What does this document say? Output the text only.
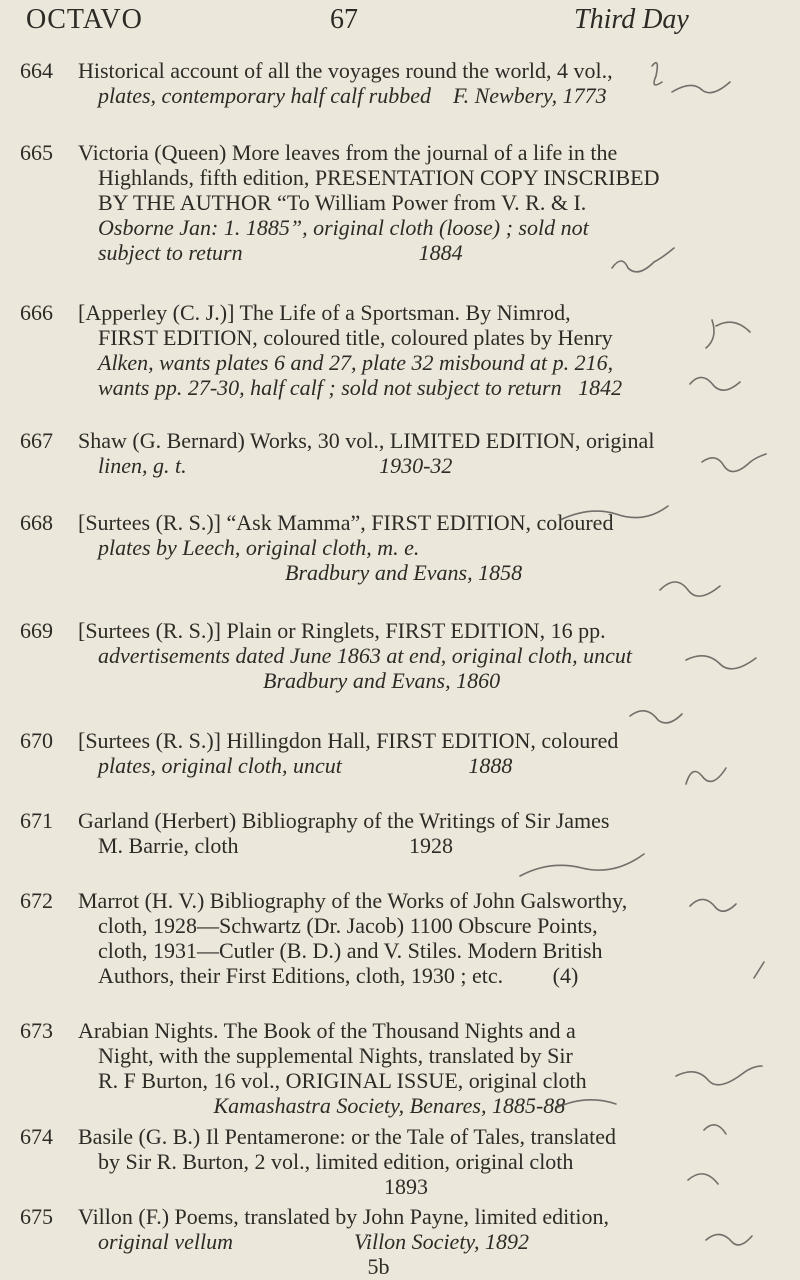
OCTAVO	67	Third Day
664 Historical account of all the voyages round the world, 4 vol.,
plates, contemporary half calf rubbed    F. Newbery, 1773
665 Victoria (Queen) More leaves from the journal of a life in the
Highlands, fifth edition, PRESENTATION COPY INSCRIBED
BY THE AUTHOR “To William Power from V. R. & I.
Osborne Jan: 1. 1885”, original cloth (loose) ; sold not
subject to return                                1884
666 [Apperley (C. J.)] The Life of a Sportsman. By Nimrod,
FIRST EDITION, coloured title, coloured plates by Henry
Alken, wants plates 6 and 27, plate 32 misbound at p. 216,
wants pp. 27-30, half calf ; sold not subject to return   1842
667 Shaw (G. Bernard) Works, 30 vol., LIMITED EDITION, original
linen, g. t.                                   1930-32
668 [Surtees (R. S.)] “Ask Mamma”, FIRST EDITION, coloured
plates by Leech, original cloth, m. e.
Bradbury and Evans, 1858
669 [Surtees (R. S.)] Plain or Ringlets, FIRST EDITION, 16 pp.
advertisements dated June 1863 at end, original cloth, uncut
Bradbury and Evans, 1860
670 [Surtees (R. S.)] Hillingdon Hall, FIRST EDITION, coloured
plates, original cloth, uncut                       1888
671 Garland (Herbert) Bibliography of the Writings of Sir James
M. Barrie, cloth                               1928
672 Marrot (H. V.) Bibliography of the Works of John Galsworthy,
cloth, 1928—Schwartz (Dr. Jacob) 1100 Obscure Points,
cloth, 1931—Cutler (B. D.) and V. Stiles. Modern British
Authors, their First Editions, cloth, 1930 ; etc.         (4)
673 Arabian Nights. The Book of the Thousand Nights and a
Night, with the supplemental Nights, translated by Sir
R. F Burton, 16 vol., ORIGINAL ISSUE, original cloth
Kamashastra Society, Benares, 1885-88
674 Basile (G. B.) Il Pentamerone: or the Tale of Tales, translated
by Sir R. Burton, 2 vol., limited edition, original cloth
1893
675 Villon (F.) Poems, translated by John Payne, limited edition,
original vellum                      Villon Society, 1892
5b
